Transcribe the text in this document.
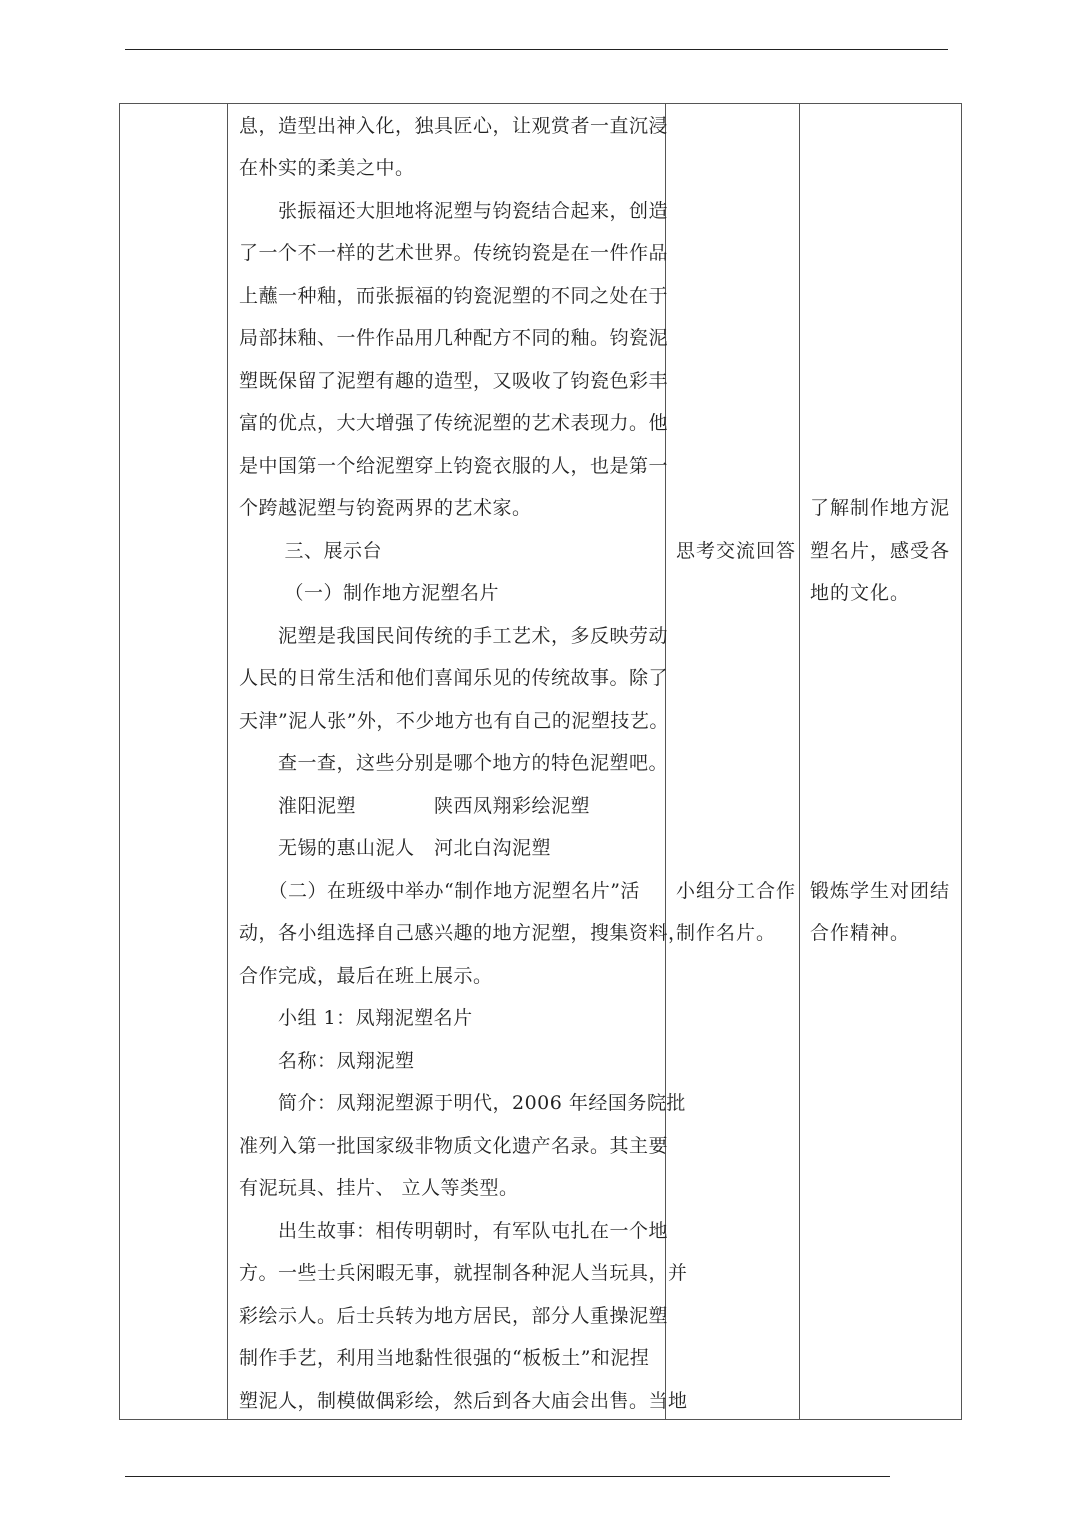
息，造型出神入化，独具匠心，让观赏者一直沉浸
在朴实的柔美之中。
　　张振福还大胆地将泥塑与钧瓷结合起来，创造
了一个不一样的艺术世界。传统钧瓷是在一件作品
上蘸一种釉，而张振福的钧瓷泥塑的不同之处在于
局部抹釉、一件作品用几种配方不同的釉。钧瓷泥
塑既保留了泥塑有趣的造型，又吸收了钧瓷色彩丰
富的优点，大大增强了传统泥塑的艺术表现力。他
是中国第一个给泥塑穿上钧瓷衣服的人，也是第一
个跨越泥塑与钧瓷两界的艺术家。
　　 三、展示台
　　 （一）制作地方泥塑名片
　　泥塑是我国民间传统的手工艺术，多反映劳动
人民的日常生活和他们喜闻乐见的传统故事。除了
天津”泥人张”外，不少地方也有自己的泥塑技艺。
　　查一查，这些分别是哪个地方的特色泥塑吧。
　　淮阳泥塑　　　　陕西凤翔彩绘泥塑
　　无锡的惠山泥人　河北白沟泥塑
　　（二）在班级中举办“制作地方泥塑名片”活
动，各小组选择自己感兴趣的地方泥塑，搜集资料，
合作完成，最后在班上展示。
　　小组 1：凤翔泥塑名片
　　名称：凤翔泥塑
　　简介：凤翔泥塑源于明代，2006 年经国务院批
准列入第一批国家级非物质文化遗产名录。其主要
有泥玩具、挂片、 立人等类型。
　　出生故事：相传明朝时，有军队屯扎在一个地
方。一些士兵闲暇无事，就捏制各种泥人当玩具，并
彩绘示人。后士兵转为地方居民，部分人重操泥塑
制作手艺，利用当地黏性很强的“板板土”和泥捏
塑泥人，制模做偶彩绘，然后到各大庙会出售。当地
思考交流回答
小组分工合作
制作名片。
了解制作地方泥
塑名片，感受各
地的文化。
锻炼学生对团结
合作精神。
